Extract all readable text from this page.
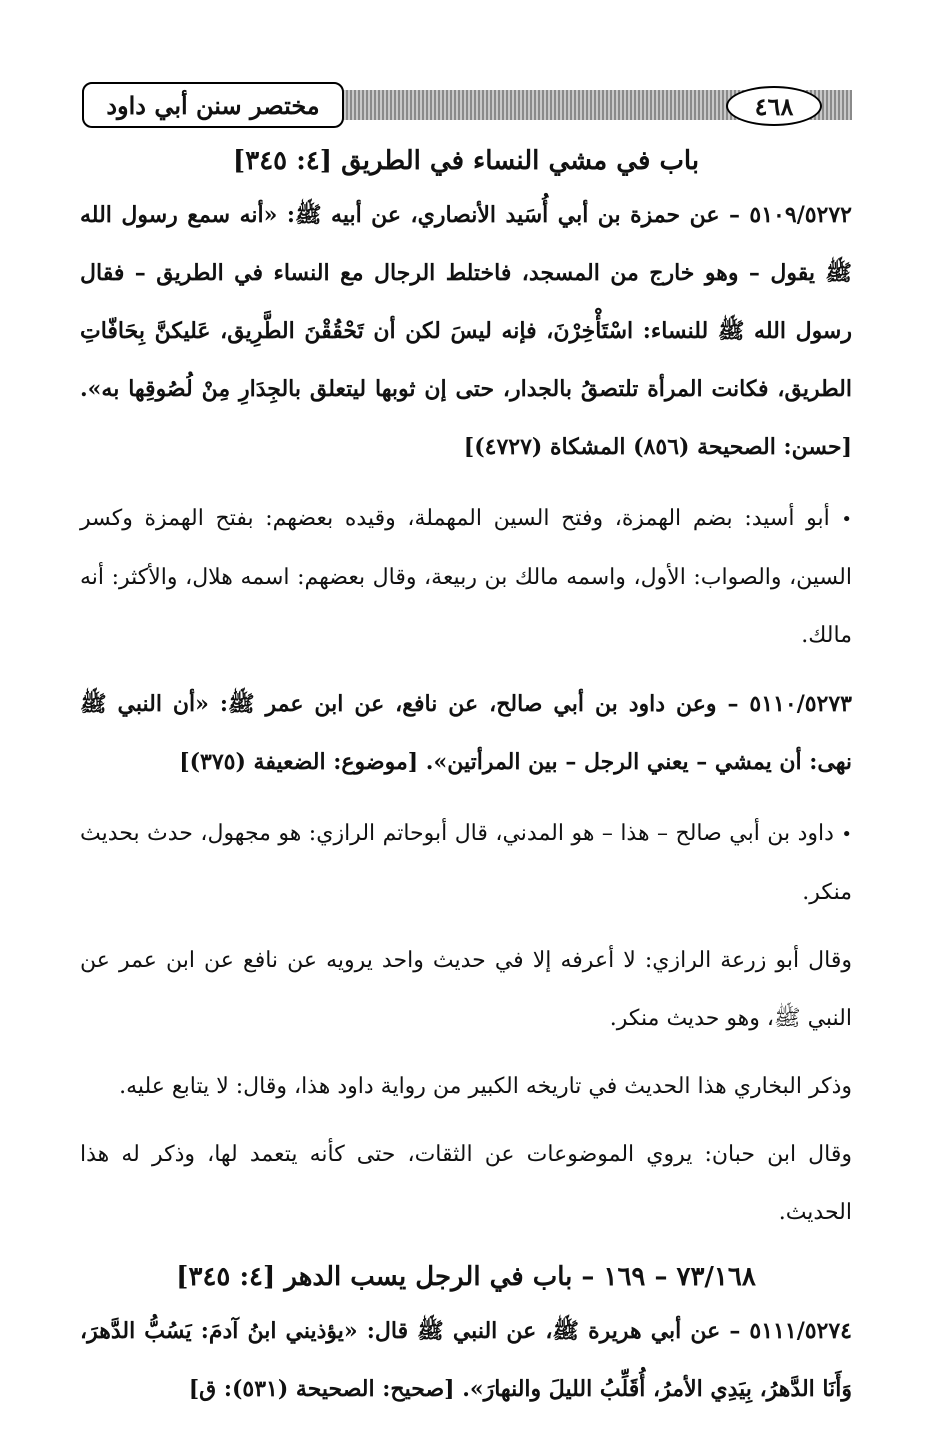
مختصر سنن أبي داود	٤٦٨

باب في مشي النساء في الطريق [٤: ٣٤٥]

٥١٠٩/٥٢٧٢ – عن حمزة بن أبي أُسَيد الأنصاري، عن أبيه ﷺ: «أنه سمع رسول الله ﷺ يقول – وهو خارج من المسجد، فاختلط الرجال مع النساء في الطريق – فقال رسول الله ﷺ للنساء: اسْتَأْخِرْنَ، فإنه ليسَ لكن أن تَحْقُقْنَ الطَّرِيق، عَليكنَّ بِحَافّاتِ الطريق، فكانت المرأة تلتصقُ بالجدار، حتى إن ثوبها ليتعلق بالجِدَارِ مِنْ لُصُوقِها به». [حسن: الصحيحة (٨٥٦) المشكاة (٤٧٢٧)]

• أبو أسيد: بضم الهمزة، وفتح السين المهملة، وقيده بعضهم: بفتح الهمزة وكسر السين، والصواب: الأول، واسمه مالك بن ربيعة، وقال بعضهم: اسمه هلال، والأكثر: أنه مالك.

٥١١٠/٥٢٧٣ – وعن داود بن أبي صالح، عن نافع، عن ابن عمر ﷺ: «أن النبي ﷺ نهى: أن يمشي – يعني الرجل – بين المرأتين». [موضوع: الضعيفة (٣٧٥)]

• داود بن أبي صالح – هذا – هو المدني، قال أبوحاتم الرازي: هو مجهول، حدث بحديث منكر.

وقال أبو زرعة الرازي: لا أعرفه إلا في حديث واحد يرويه عن نافع عن ابن عمر عن النبي ﷺ، وهو حديث منكر.

وذكر البخاري هذا الحديث في تاريخه الكبير من رواية داود هذا، وقال: لا يتابع عليه.

وقال ابن حبان: يروي الموضوعات عن الثقات، حتى كأنه يتعمد لها، وذكر له هذا الحديث.

٧٣/١٦٨ – ١٦٩ – باب في الرجل يسب الدهر [٤: ٣٤٥]

٥١١١/٥٢٧٤ – عن أبي هريرة ﷺ، عن النبي ﷺ قال: «يؤذيني ابنُ آدمَ: يَسُبُّ الدَّهرَ، وَأَنَا الدَّهرُ، بِيَدِي الأمرُ، أُقَلِّبُ الليلَ والنهارَ». [صحيح: الصحيحة (٥٣١): ق]
